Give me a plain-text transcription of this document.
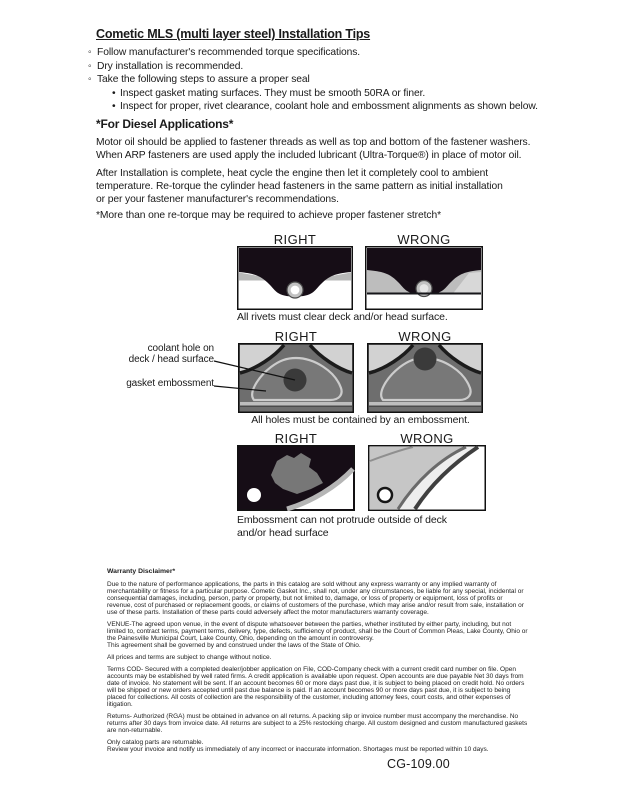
Cometic MLS (multi layer steel) Installation Tips
◦ Follow manufacturer's recommended torque specifications.
◦ Dry installation is recommended.
◦ Take the following steps to assure a proper seal
• Inspect gasket mating surfaces. They must be smooth 50RA or finer.
• Inspect for proper, rivet clearance, coolant hole and embossment alignments as shown below.
*For Diesel Applications*
Motor oil should be applied to fastener threads as well as top and bottom of the fastener washers.
When ARP fasteners are used apply the included lubricant (Ultra-Torque®) in place of motor oil.
After Installation is complete, heat cycle the engine then let it completely cool to ambient
temperature. Re-torque the cylinder head fasteners in the same pattern as initial installation
or per your fastener manufacturer's recommendations.
*More than one re-torque may be required to achieve proper fastener stretch*
RIGHT	WRONG
All rivets must clear deck and/or head surface.
RIGHT	WRONG
coolant hole on
deck / head surface
gasket embossment
All holes must be contained by an embossment.
RIGHT	WRONG
Embossment can not protrude outside of deck and/or head surface
Warranty Disclaimer*

Due to the nature of performance applications, the parts in this catalog are sold without any express warranty or any implied warranty of merchantability or fitness for a particular purpose. Cometic Gasket Inc., shall not, under any circumstances, be liable for any special, incidental or consequential damages, including, person, party or property, but not limited to, damage, or loss of property or equipment, loss of profits or revenue, cost of purchased or replacement goods, or claims of customers of the purchase, which may arise and/or result from sale, installation or use of these parts. Installation of these parts could adversely affect the motor manufacturers warranty coverage.

VENUE-The agreed upon venue, in the event of dispute whatsoever between the parties, whether instituted by either party, including, but not limited to, contract terms, payment terms, delivery, type, defects, sufficiency of product, shall be the Court of Common Pleas, Lake County, Ohio or the Painesville Municipal Court, Lake County, Ohio, depending on the amount in controversy.

This agreement shall be governed by and construed under the laws of the State of Ohio.

All prices and terms are subject to change without notice.

Terms COD- Secured with a completed dealer/jobber application on File, COD-Company check with a current credit card number on file. Open accounts may be established by well rated firms. A credit application is available upon request. Open accounts are due payable Net 30 days from date of invoice. No statement will be sent. If an account becomes 60 or more days past due, it is subject to being placed on credit hold. No orders will be shipped or new orders accepted until past due balance is paid. If an account becomes 90 or more days past due, it is subject to being placed for collections. All costs of collection are the responsibility of the customer, including attorney fees, court costs, and other expenses of litigation.

Returns- Authorized (RGA) must be obtained in advance on all returns. A packing slip or invoice number must accompany the merchandise. No returns after 30 days from invoice date. All returns are subject to a 25% restocking charge. All custom designed and custom manufactured gaskets are non-returnable.

Only catalog parts are returnable.

Review your invoice and notify us immediately of any incorrect or inaccurate information. Shortages must be reported within 10 days.

CG-109.00
